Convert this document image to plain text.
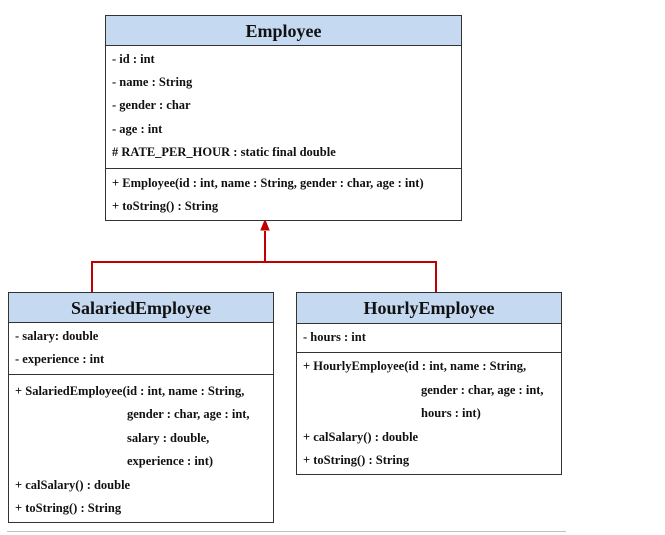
Employee
- id : int
- name : String
- gender : char
- age : int
# RATE_PER_HOUR : static final double
+ Employee(id : int, name : String, gender : char, age : int)
+ toString() : String
SalariedEmployee
- salary: double
- experience : int
+ SalariedEmployee(id : int, name : String,
gender : char, age : int,
salary : double,
experience : int)
+ calSalary() : double
+ toString() : String
HourlyEmployee
- hours : int
+ HourlyEmployee(id : int, name : String,
gender : char, age : int,
hours : int)
+ calSalary() : double
+ toString() : String
